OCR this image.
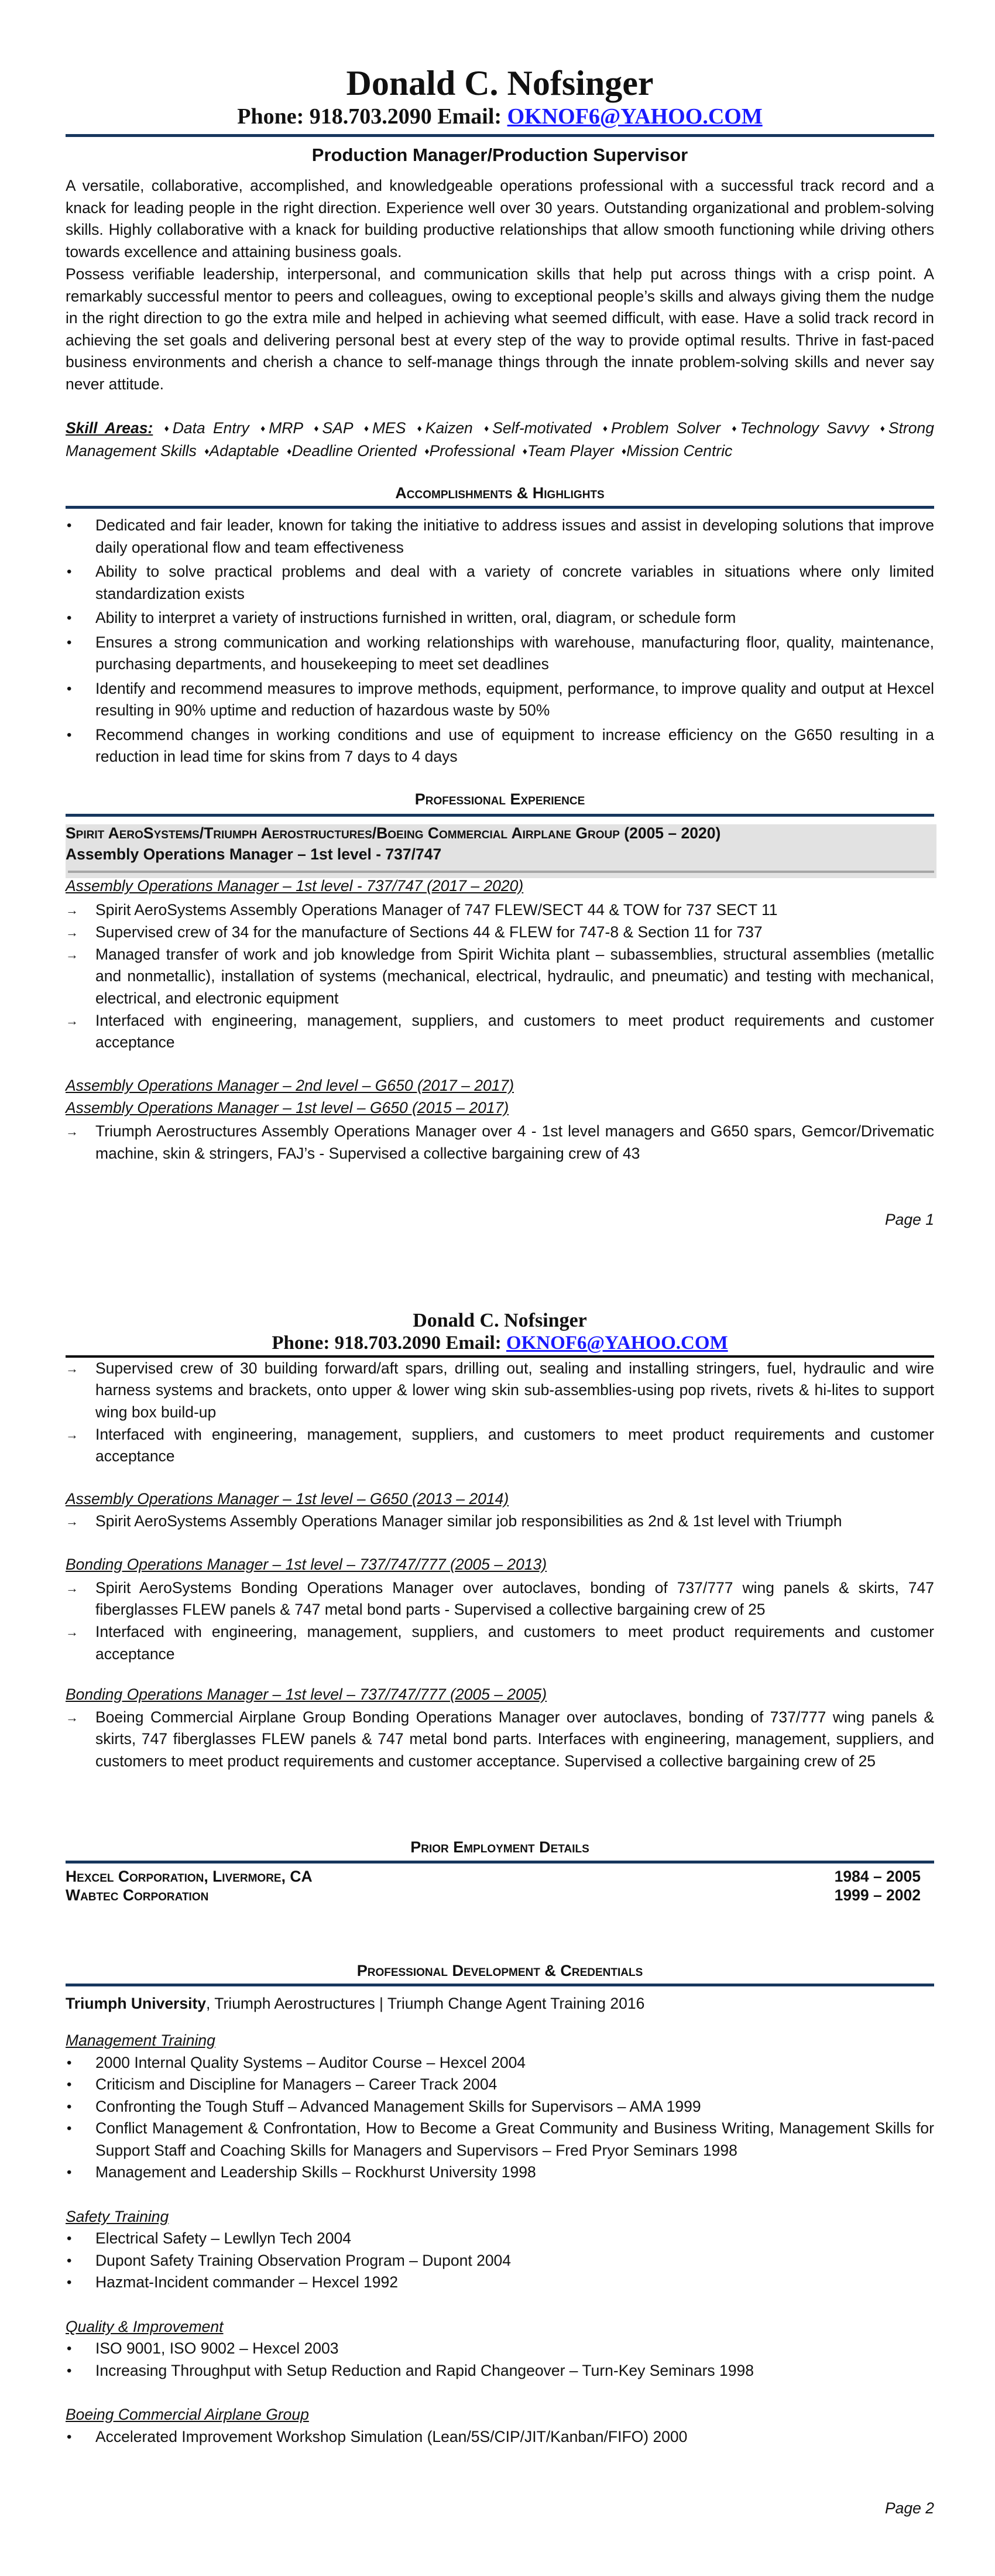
Donald C. Nofsinger
Phone: 918.703.2090 Email: OKNOF6@YAHOO.COM
Production Manager/Production Supervisor

A versatile, collaborative, accomplished, and knowledgeable operations professional with a successful track record and a knack for leading people in the right direction. Experience well over 30 years. Outstanding organizational and problem-solving skills. Highly collaborative with a knack for building productive relationships that allow smooth functioning while driving others towards excellence and attaining business goals.

Possess verifiable leadership, interpersonal, and communication skills that help put across things with a crisp point. A remarkably successful mentor to peers and colleagues, owing to exceptional people’s skills and always giving them the nudge in the right direction to go the extra mile and helped in achieving what seemed difficult, with ease. Have a solid track record in achieving the set goals and delivering personal best at every step of the way to provide optimal results. Thrive in fast-paced business environments and cherish a chance to self-manage things through the innate problem-solving skills and never say never attitude.

Skill Areas: ♦ Data Entry ♦ MRP ♦ SAP ♦ MES ♦ Kaizen ♦ Self-motivated ♦ Problem Solver ♦ Technology Savvy ♦ Strong Management Skills ♦ Adaptable ♦ Deadline Oriented ♦ Professional ♦ Team Player ♦ Mission Centric
Accomplishments & Highlights
• Dedicated and fair leader, known for taking the initiative to address issues and assist in developing solutions that improve daily operational flow and team effectiveness
• Ability to solve practical problems and deal with a variety of concrete variables in situations where only limited standardization exists
• Ability to interpret a variety of instructions furnished in written, oral, diagram, or schedule form
• Ensures a strong communication and working relationships with warehouse, manufacturing floor, quality, maintenance, purchasing departments, and housekeeping to meet set deadlines
• Identify and recommend measures to improve methods, equipment, performance, to improve quality and output at Hexcel resulting in 90% uptime and reduction of hazardous waste by 50%
• Recommend changes in working conditions and use of equipment to increase efficiency on the G650 resulting in a reduction in lead time for skins from 7 days to 4 days
Professional Experience
Spirit AeroSystems/Triumph Aerostructures/Boeing Commercial Airplane Group (2005 – 2020)
Assembly Operations Manager – 1st level - 737/747
Assembly Operations Manager – 1st level - 737/747 (2017 – 2020)
→ Spirit AeroSystems Assembly Operations Manager of 747 FLEW/SECT 44 & TOW for 737 SECT 11
→ Supervised crew of 34 for the manufacture of Sections 44 & FLEW for 747-8 & Section 11 for 737
→ Managed transfer of work and job knowledge from Spirit Wichita plant – subassemblies, structural assemblies (metallic and nonmetallic), installation of systems (mechanical, electrical, hydraulic, and pneumatic) and testing with mechanical, electrical, and electronic equipment
→ Interfaced with engineering, management, suppliers, and customers to meet product requirements and customer acceptance
Assembly Operations Manager – 2nd level – G650 (2017 – 2017)
Assembly Operations Manager – 1st level – G650 (2015 – 2017)
→ Triumph Aerostructures Assembly Operations Manager over 4 - 1st level managers and G650 spars, Gemcor/Drivematic machine, skin & stringers, FAJ’s - Supervised a collective bargaining crew of 43
Page 1
Donald C. Nofsinger
Phone: 918.703.2090 Email: OKNOF6@YAHOO.COM
→ Supervised crew of 30 building forward/aft spars, drilling out, sealing and installing stringers, fuel, hydraulic and wire harness systems and brackets, onto upper & lower wing skin sub-assemblies-using pop rivets, rivets & hi-lites to support wing box build-up
→ Interfaced with engineering, management, suppliers, and customers to meet product requirements and customer acceptance
Assembly Operations Manager – 1st level – G650 (2013 – 2014)
→ Spirit AeroSystems Assembly Operations Manager similar job responsibilities as 2nd & 1st level with Triumph
Bonding Operations Manager – 1st level – 737/747/777 (2005 – 2013)
→ Spirit AeroSystems Bonding Operations Manager over autoclaves, bonding of 737/777 wing panels & skirts, 747 fiberglasses FLEW panels & 747 metal bond parts - Supervised a collective bargaining crew of 25
→ Interfaced with engineering, management, suppliers, and customers to meet product requirements and customer acceptance
Bonding Operations Manager – 1st level – 737/747/777 (2005 – 2005)
→ Boeing Commercial Airplane Group Bonding Operations Manager over autoclaves, bonding of 737/777 wing panels & skirts, 747 fiberglasses FLEW panels & 747 metal bond parts. Interfaces with engineering, management, suppliers, and customers to meet product requirements and customer acceptance. Supervised a collective bargaining crew of 25
Prior Employment Details
Hexcel Corporation, Livermore, CA	1984 – 2005
Wabtec Corporation	1999 – 2002
Professional Development & Credentials
Triumph University, Triumph Aerostructures | Triumph Change Agent Training 2016
Management Training
• 2000 Internal Quality Systems – Auditor Course – Hexcel 2004
• Criticism and Discipline for Managers – Career Track 2004
• Confronting the Tough Stuff – Advanced Management Skills for Supervisors – AMA 1999
• Conflict Management & Confrontation, How to Become a Great Community and Business Writing, Management Skills for Support Staff and Coaching Skills for Managers and Supervisors – Fred Pryor Seminars 1998
• Management and Leadership Skills – Rockhurst University 1998
Safety Training
• Electrical Safety – Lewllyn Tech 2004
• Dupont Safety Training Observation Program – Dupont 2004
• Hazmat-Incident commander – Hexcel 1992
Quality & Improvement
• ISO 9001, ISO 9002 – Hexcel 2003
• Increasing Throughput with Setup Reduction and Rapid Changeover – Turn-Key Seminars 1998
Boeing Commercial Airplane Group
• Accelerated Improvement Workshop Simulation (Lean/5S/CIP/JIT/Kanban/FIFO) 2000
Page 2
